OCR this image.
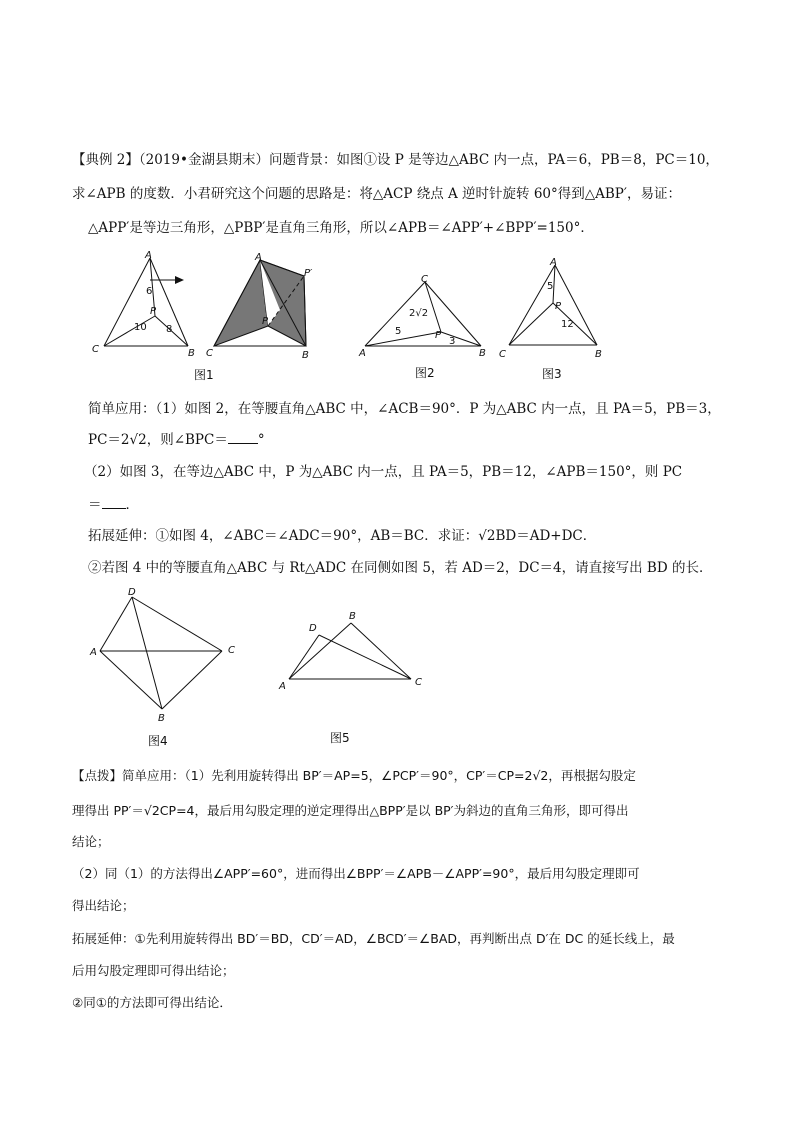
【典例 2】（2019•金湖县期末）问题背景：如图①设 P 是等边△ABC 内一点，PA＝6，PB＝8，PC＝10，
求∠APB 的度数．小君研究这个问题的思路是：将△ACP 绕点 A 逆时针旋转 60°得到△ABP′，易证：
△APP′是等边三角形，△PBP′是直角三角形，所以∠APB＝∠APP′+∠BPP′=150°．
A
B
C
P
6
8
10
图1
A
B
C
P
P′
A	B
C
P
5
3
2√2
图2
A
B
C
P
5
12
图3
简单应用：（1）如图 2，在等腰直角△ABC 中，∠ACB＝90°．P 为△ABC 内一点，且 PA＝5，PB＝3，
PC＝2√2，则∠BPC＝ °
（2）如图 3，在等边△ABC 中，P 为△ABC 内一点，且 PA＝5，PB＝12，∠APB＝150°，则 PC
＝ ．
拓展延伸：①如图 4，∠ABC＝∠ADC＝90°，AB＝BC．求证：√2BD＝AD+DC．
②若图 4 中的等腰直角△ABC 与 Rt△ADC 在同侧如图 5，若 AD＝2，DC＝4，请直接写出 BD 的长．
A
B
C
D
图4
A
B
C
D
图5
【点拨】简单应用：（1）先利用旋转得出 BP′＝AP=5，∠PCP′＝90°，CP′＝CP=2√2，再根据勾股定
理得出 PP′＝√2CP=4，最后用勾股定理的逆定理得出△BPP′是以 BP′为斜边的直角三角形，即可得出
结论；
（2）同（1）的方法得出∠APP′=60°，进而得出∠BPP′＝∠APB－∠APP′=90°，最后用勾股定理即可
得出结论；
拓展延伸：①先利用旋转得出 BD′＝BD，CD′＝AD，∠BCD′＝∠BAD，再判断出点 D′在 DC 的延长线上，最
后用勾股定理即可得出结论；
②同①的方法即可得出结论．
